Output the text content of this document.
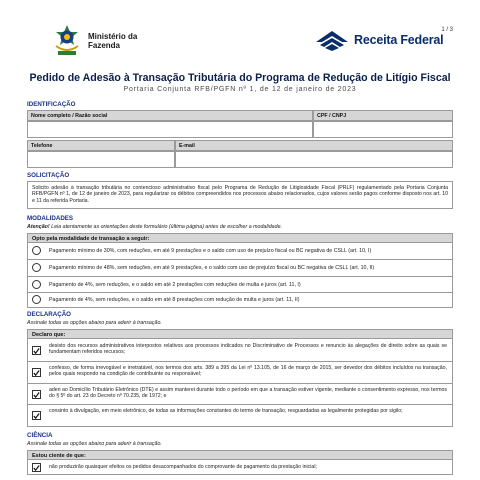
1 / 3
Ministério da
Fazenda	Receita Federal
Pedido de Adesão à Transação Tributária do Programa de Redução de Litígio Fiscal
Portaria Conjunta RFB/PGFN nº 1, de 12 de janeiro de 2023
IDENTIFICAÇÃO
Nome completo / Razão social	CPF / CNPJ
Telefone	E-mail
SOLICITAÇÃO
Solicito adesão à transação tributária no contencioso administrativo fiscal pelo Programa de Redução de Litigiosidade Fiscal (PRLF) regulamentado pela Portaria Conjunta RFB/PGFN nº 1, de 12 de janeiro de 2023, para regularizar os débitos compreendidos nos processos abaixo relacionados, cujos valores serão pagos conforme disposto nos art. 10 e 11 da referida Portaria.
MODALIDADES
Atenção! Leia atentamente as orientações deste formulário (última página) antes de escolher a modalidade.
Opto pela modalidade de transação a seguir:
Pagamento mínimo de 30%, com reduções, em até 9 prestações e o saldo com uso de prejuízo fiscal ou BC negativa de CSLL (art. 10, I)
Pagamento mínimo de 48%, sem reduções, em até 9 prestações, e o saldo com uso de prejuízo fiscal ou BC negativa de CSLL (art. 10, II)
Pagamento de 4%, sem reduções, e o saldo em até 2 prestações com reduções de multa e juros (art. 11, I)
Pagamento de 4%, sem reduções, e o saldo em até 8 prestações com redução de multa e juros (art. 11, II)
DECLARAÇÃO
Assinale todas as opções abaixo para aderir à transação.
Declaro que:
desisto dos recursos administrativos interpostos relativos aos processos indicados no Discriminativo de Processos e renuncio às alegações de direito sobre as quais se fundamentam referidos recursos;
confesso, de forma irrevogável e irretratável, nos termos dos arts. 389 a 395 da Lei nº 13.105, de 16 de março de 2015, ser devedor dos débitos incluídos na transação, pelos quais respondo na condição de contribuinte ou responsável;
aderi ao Domicílio Tributário Eletrônico (DTE) e assim manterei durante todo o período em que a transação estiver vigente, mediante o consentimento expresso, nos termos do § 5º do art. 23 do Decreto nº 70.235, de 1972; e
consinto à divulgação, em meio eletrônico, de todas as informações constantes do termo de transação, resguardadas as legalmente protegidas por sigilo;
CIÊNCIA
Assinale todas as opções abaixo para aderir à transação.
Estou ciente de que:
não produzirão quaisquer efeitos os pedidos desacompanhados do comprovante de pagamento da prestação inicial;
